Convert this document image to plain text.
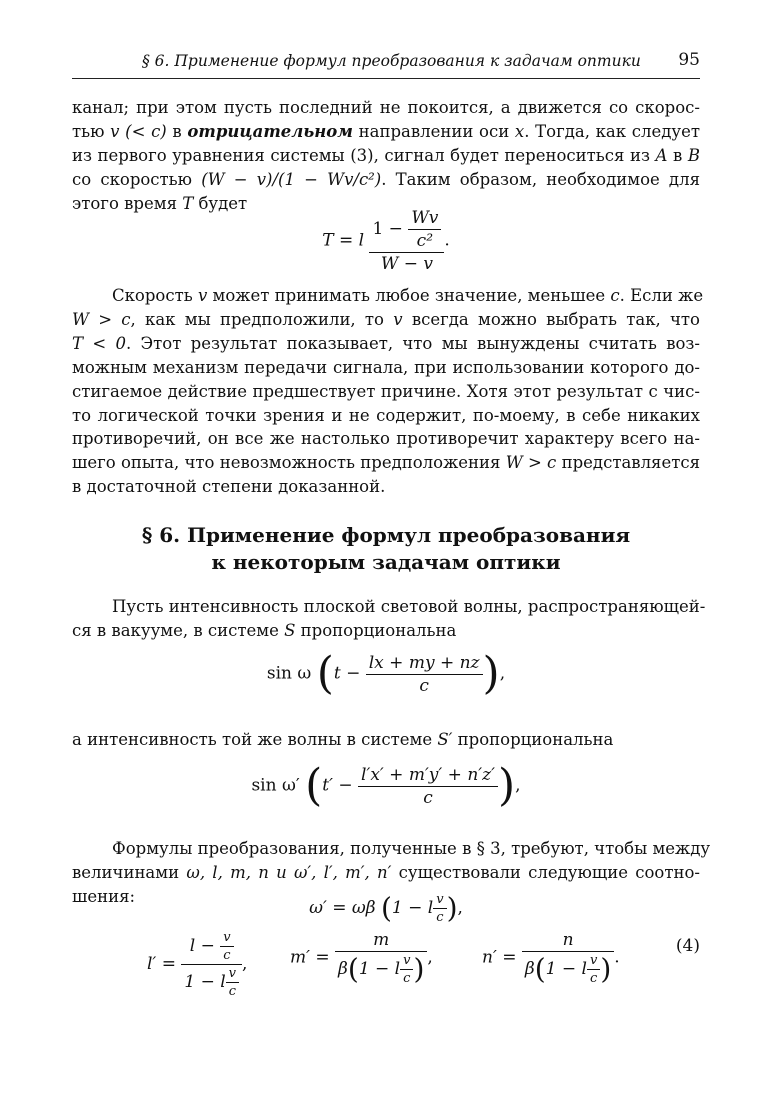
§ 6. Применение формул преобразования к задачам оптики 95
канал; при этом пусть последний не покоится, а движется со скорос-
тью v (< c) в отрицательном направлении оси x. Тогда, как следует
из первого уравнения системы (3), сигнал будет переноситься из A в B
со скоростью (W − v)/(1 − Wv/c²). Таким образом, необходимое для
этого время T будет
T = l $\frac{1 - \frac{Wv}{\text{c²}}}{W - v}$ .
Скорость v может принимать любое значение, меньшее c. Если же
W > c, как мы предположили, то v всегда можно выбрать так, что
T < 0. Этот результат показывает, что мы вынуждены считать воз-
можным механизм передачи сигнала, при использовании которого до-
стигаемое действие предшествует причине. Хотя этот результат с чис-
то логической точки зрения и не содержит, по-моему, в себе никаких
противоречий, он все же настолько противоречит характеру всего на-
шего опыта, что невозможность предположения W > c представляется
в достаточной степени доказанной.
§ 6. Применение формул преобразования
к некоторым задачам оптики
Пусть интенсивность плоской световой волны, распространяющей-
ся в вакууме, в системе S пропорциональна
sin ω ($t - \frac{lx + my + nz}{c}$ ),
а интенсивность той же волны в системе S′ пропорциональна
sin ω′ ($t' - \frac{l'x' + m'y' + n'z'}{c}$ ),
Формулы преобразования, полученные в § 3, требуют, чтобы между
величинами ω, l, m, n и ω′, l′, m′, n′ существовали следующие соотно-
шения:
ω′ = ωβ (1 − l $\frac{v}{c}$ ),
$l' = \frac{l - \frac{v}{c}}{1 - l \frac{v}{c}}$ ,	$m' = \frac{m}{\beta(1 - l \frac{v}{c} )}$ ,	$n' = \frac{n}{\beta(1 - l \frac{v}{c} )}$ .
(4)
